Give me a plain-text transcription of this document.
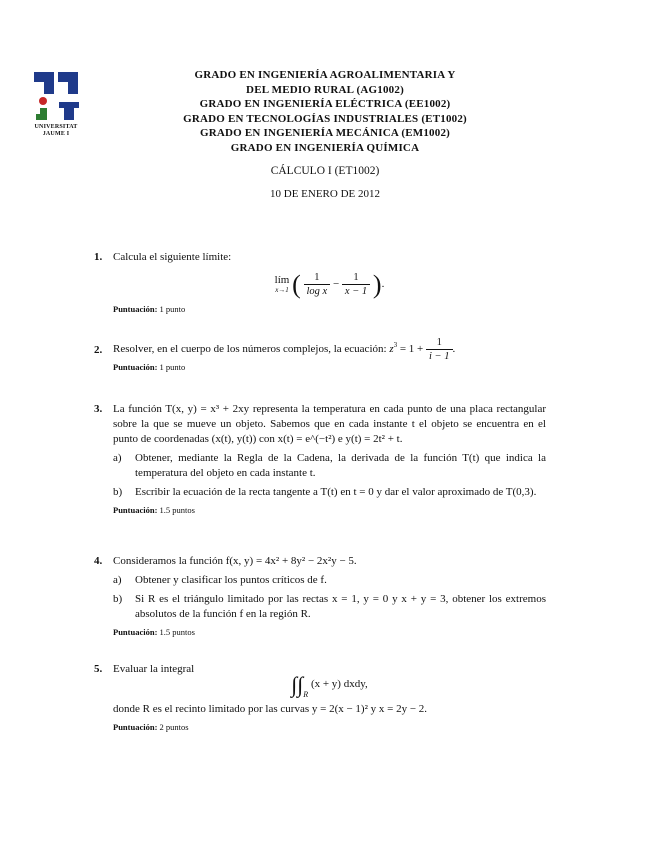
UNIVERSITAT JAUME I
GRADO EN INGENIERÍA AGROALIMENTARIA Y
DEL MEDIO RURAL (AG1002)
GRADO EN INGENIERÍA ELÉCTRICA (EE1002)
GRADO EN TECNOLOGÍAS INDUSTRIALES (ET1002)
GRADO EN INGENIERÍA MECÁNICA (EM1002)
GRADO EN INGENIERÍA QUÍMICA
CÁLCULO I (ET1002)
10 DE ENERO DE 2012
1. Calcula el siguiente límite:
lím
x→1 ( $\frac{1}{\text{log x}} - \frac{1}{x - 1}$ ).
Puntuación: 1 punto
2. Resolver, en el cuerpo de los números complejos, la ecuación: $z^3 = 1 + \frac{1}{i - 1}$ .
Puntuación: 1 punto
3. La función T(x, y) = x³ + 2xy representa la temperatura en cada punto de una placa rectangular sobre la que se mueve un objeto. Sabemos que en cada instante t el objeto se encuentra en el punto de coordenadas (x(t), y(t)) con x(t) = e^(−t²) e y(t) = 2t² + t.
a)	Obtener, mediante la Regla de la Cadena, la derivada de la función T(t) que indica la temperatura del objeto en cada instante t.
b)	Escribir la ecuación de la recta tangente a T(t) en t = 0 y dar el valor aproximado de T(0,3).
Puntuación: 1.5 puntos
4. Consideramos la función f(x, y) = 4x² + 8y² − 2x²y − 5.
a)	Obtener y clasificar los puntos críticos de f.
b)	Si R es el triángulo limitado por las rectas x = 1, y = 0 y x + y = 3, obtener los extremos absolutos de la función f en la región R.
Puntuación: 1.5 puntos
5. Evaluar la integral
$\int\int_R$ (x + y) dxdy,
donde R es el recinto limitado por las curvas y = 2(x − 1)² y x = 2y − 2.
Puntuación: 2 puntos
